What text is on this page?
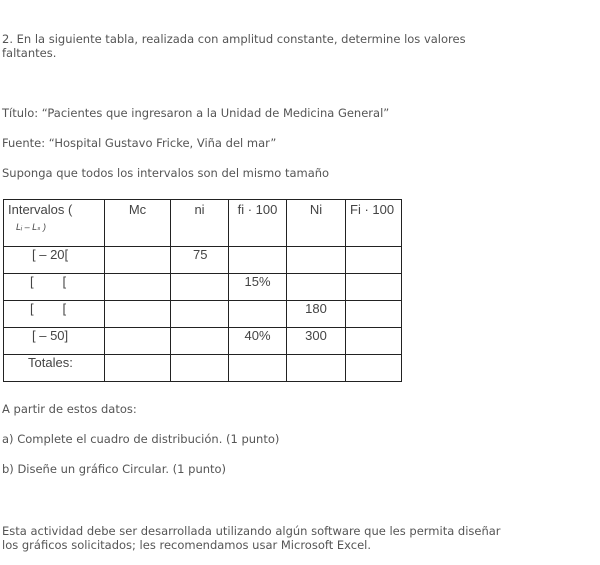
2. En la siguiente tabla, realizada con amplitud constante, determine los valores
faltantes.

Título: “Pacientes que ingresaron a la Unidad de Medicina General”

Fuente: “Hospital Gustavo Fricke, Viña del mar”

Suponga que todos los intervalos son del mismo tamaño

Intervalos (
Lᵢ – Lₛ )	Mc	ni	fi · 100	Ni	Fi · 100
[ – 20[		75			
[        [			15%		
[        [				180	
[ – 50]			40%	300	
Totales:					

A partir de estos datos:

a) Complete el cuadro de distribución. (1 punto)

b) Diseñe un gráfico Circular. (1 punto)

Esta actividad debe ser desarrollada utilizando algún software que les permita diseñar
los gráficos solicitados; les recomendamos usar Microsoft Excel.
